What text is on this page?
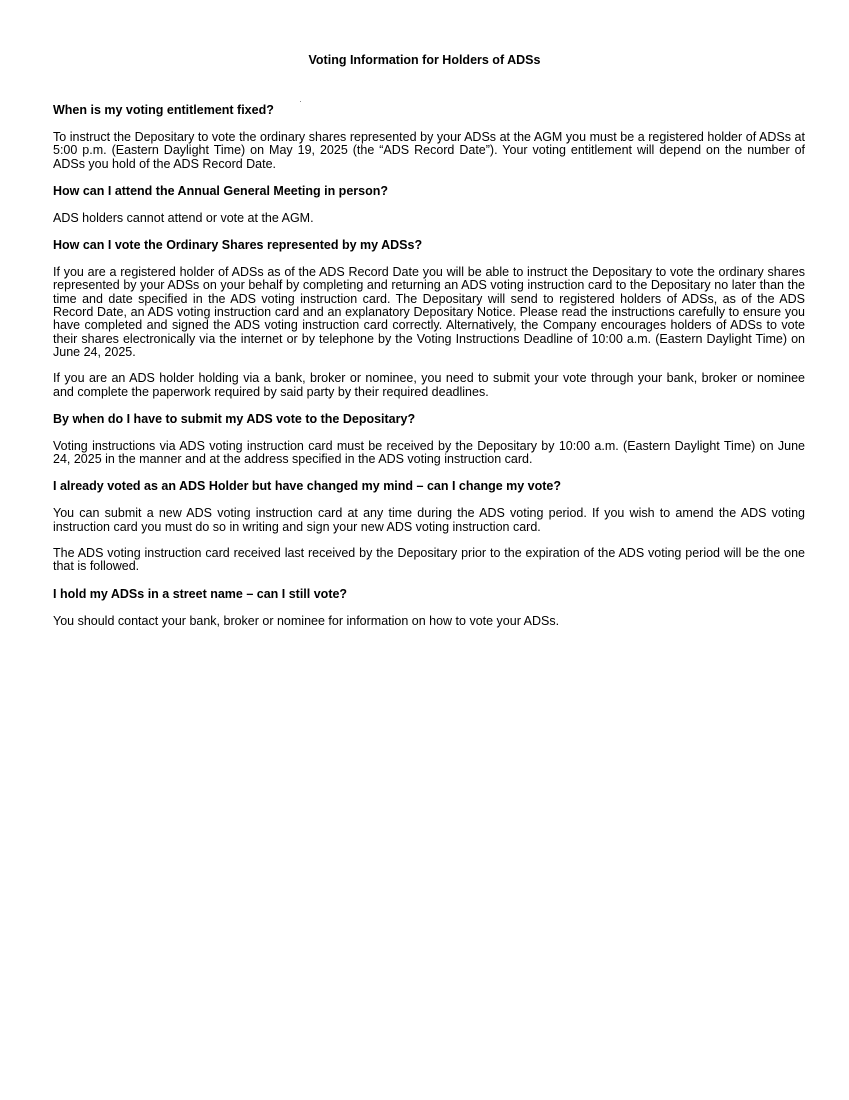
Voting Information for Holders of ADSs
When is my voting entitlement fixed?
To instruct the Depositary to vote the ordinary shares represented by your ADSs at the AGM you must be a registered holder of ADSs at 5:00 p.m. (Eastern Daylight Time) on May 19, 2025 (the “ADS Record Date”). Your voting entitlement will depend on the number of ADSs you hold of the ADS Record Date.
How can I attend the Annual General Meeting in person?
ADS holders cannot attend or vote at the AGM.
How can I vote the Ordinary Shares represented by my ADSs?
If you are a registered holder of ADSs as of the ADS Record Date you will be able to instruct the Depositary to vote the ordinary shares represented by your ADSs on your behalf by completing and returning an ADS voting instruction card to the Depositary no later than the time and date specified in the ADS voting instruction card. The Depositary will send to registered holders of ADSs, as of the ADS Record Date, an ADS voting instruction card and an explanatory Depositary Notice. Please read the instructions carefully to ensure you have completed and signed the ADS voting instruction card correctly. Alternatively, the Company encourages holders of ADSs to vote their shares electronically via the internet or by telephone by the Voting Instructions Deadline of 10:00 a.m. (Eastern Daylight Time) on June 24, 2025.
If you are an ADS holder holding via a bank, broker or nominee, you need to submit your vote through your bank, broker or nominee and complete the paperwork required by said party by their required deadlines.
By when do I have to submit my ADS vote to the Depositary?
Voting instructions via ADS voting instruction card must be received by the Depositary by 10:00 a.m. (Eastern Daylight Time) on June 24, 2025 in the manner and at the address specified in the ADS voting instruction card.
I already voted as an ADS Holder but have changed my mind – can I change my vote?
You can submit a new ADS voting instruction card at any time during the ADS voting period. If you wish to amend the ADS voting instruction card you must do so in writing and sign your new ADS voting instruction card.
The ADS voting instruction card received last received by the Depositary prior to the expiration of the ADS voting period will be the one that is followed.
I hold my ADSs in a street name – can I still vote?
You should contact your bank, broker or nominee for information on how to vote your ADSs.
